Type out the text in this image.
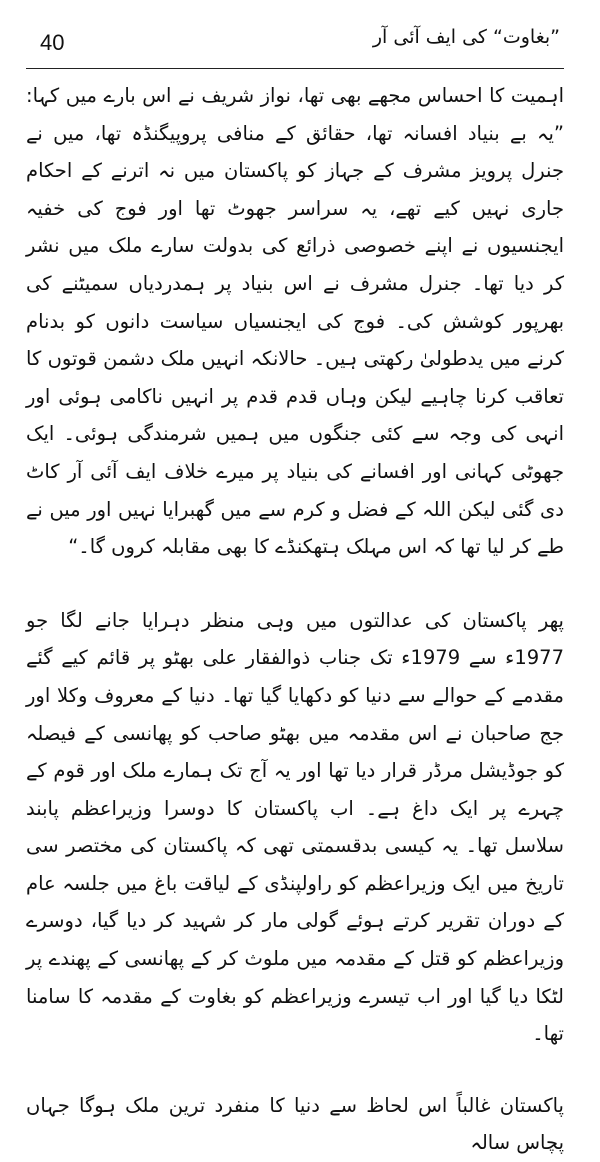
40	”بغاوت“ کی ایف آئی آر

اہمیت کا احساس مجھے بھی تھا، نواز شریف نے اس بارے میں کہا: ”یہ بے بنیاد افسانہ تھا، حقائق کے منافی پروپیگنڈہ تھا، میں نے جنرل پرویز مشرف کے جہاز کو پاکستان میں نہ اترنے کے احکام جاری نہیں کیے تھے، یہ سراسر جھوٹ تھا اور فوج کی خفیہ ایجنسیوں نے اپنے خصوصی ذرائع کی بدولت سارے ملک میں نشر کر دیا تھا۔ جنرل مشرف نے اس بنیاد پر ہمدردیاں سمیٹنے کی بھرپور کوشش کی۔ فوج کی ایجنسیاں سیاست دانوں کو بدنام کرنے میں یدطولیٰ رکھتی ہیں۔ حالانکہ انہیں ملک دشمن قوتوں کا تعاقب کرنا چاہیے لیکن وہاں قدم قدم پر انہیں ناکامی ہوئی اور انہی کی وجہ سے کئی جنگوں میں ہمیں شرمندگی ہوئی۔ ایک جھوٹی کہانی اور افسانے کی بنیاد پر میرے خلاف ایف آئی آر کاٹ دی گئی لیکن اللہ کے فضل و کرم سے میں گھبرایا نہیں اور میں نے طے کر لیا تھا کہ اس مہلک ہتھکنڈے کا بھی مقابلہ کروں گا۔“

پھر پاکستان کی عدالتوں میں وہی منظر دہرایا جانے لگا جو 1977ء سے 1979ء تک جناب ذوالفقار علی بھٹو پر قائم کیے گئے مقدمے کے حوالے سے دنیا کو دکھایا گیا تھا۔ دنیا کے معروف وکلا اور جج صاحبان نے اس مقدمہ میں بھٹو صاحب کو پھانسی کے فیصلہ کو جوڈیشل مرڈر قرار دیا تھا اور یہ آج تک ہمارے ملک اور قوم کے چہرے پر ایک داغ ہے۔ اب پاکستان کا دوسرا وزیراعظم پابند سلاسل تھا۔ یہ کیسی بدقسمتی تھی کہ پاکستان کی مختصر سی تاریخ میں ایک وزیراعظم کو راولپنڈی کے لیاقت باغ میں جلسہ عام کے دوران تقریر کرتے ہوئے گولی مار کر شہید کر دیا گیا، دوسرے وزیراعظم کو قتل کے مقدمہ میں ملوث کر کے پھانسی کے پھندے پر لٹکا دیا گیا اور اب تیسرے وزیراعظم کو بغاوت کے مقدمہ کا سامنا تھا۔

پاکستان غالباً اس لحاظ سے دنیا کا منفرد ترین ملک ہوگا جہاں پچاس سالہ
